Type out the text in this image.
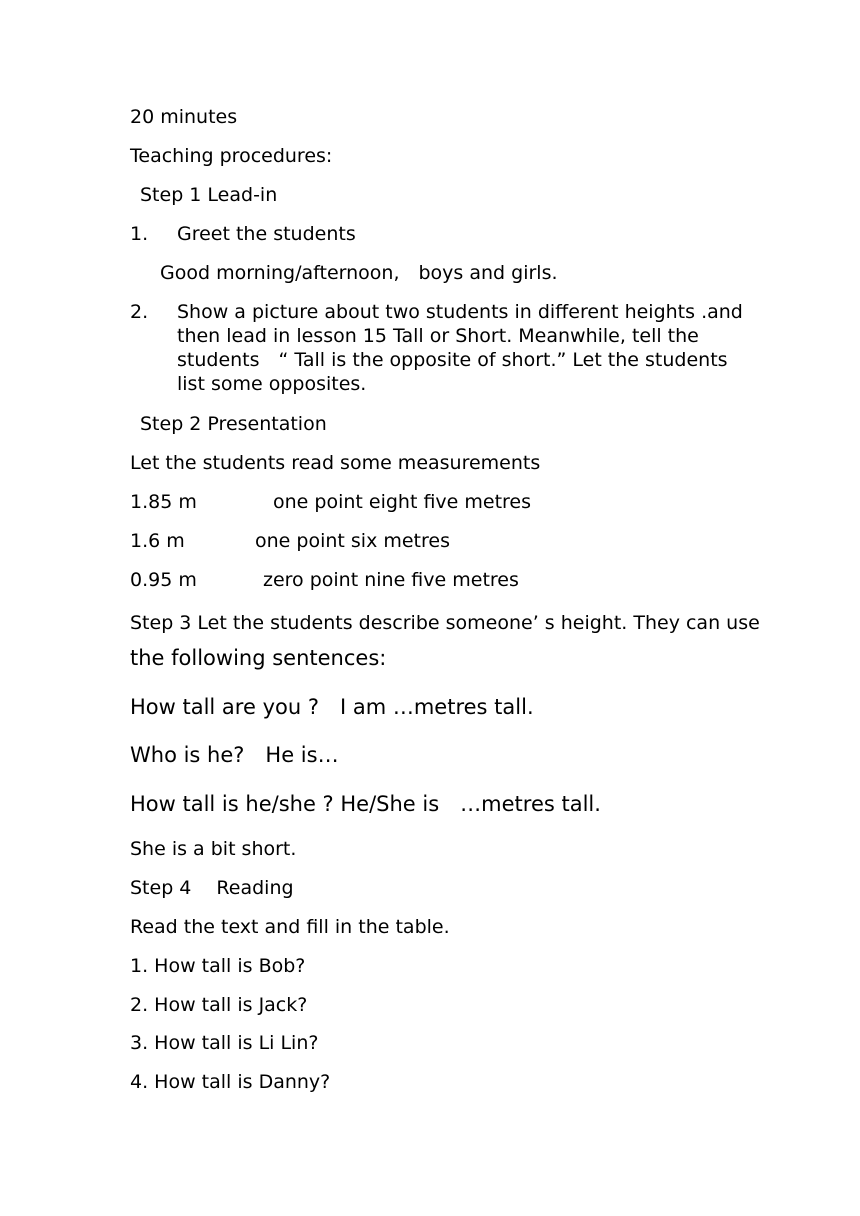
20 minutes
Teaching procedures:
Step 1 Lead-in
1. Greet the students
Good morning/afternoon, boys and girls.
2. Show a picture about two students in different heights .and then lead in lesson 15 Tall or Short. Meanwhile, tell the students “ Tall is the opposite of short.” Let the students list some opposites.
Step 2 Presentation
Let the students read some measurements
1.85 m	one point eight five metres
1.6 m	one point six metres
0.95 m	zero point nine five metres
Step 3 Let the students describe someone’ s height. They can use
the following sentences:
How tall are you ? I am …metres tall.
Who is he? He is…
How tall is he/she ? He/She is …metres tall.
She is a bit short.
Step 4  Reading
Read the text and fill in the table.
1. How tall is Bob?
2. How tall is Jack?
3. How tall is Li Lin?
4. How tall is Danny?
